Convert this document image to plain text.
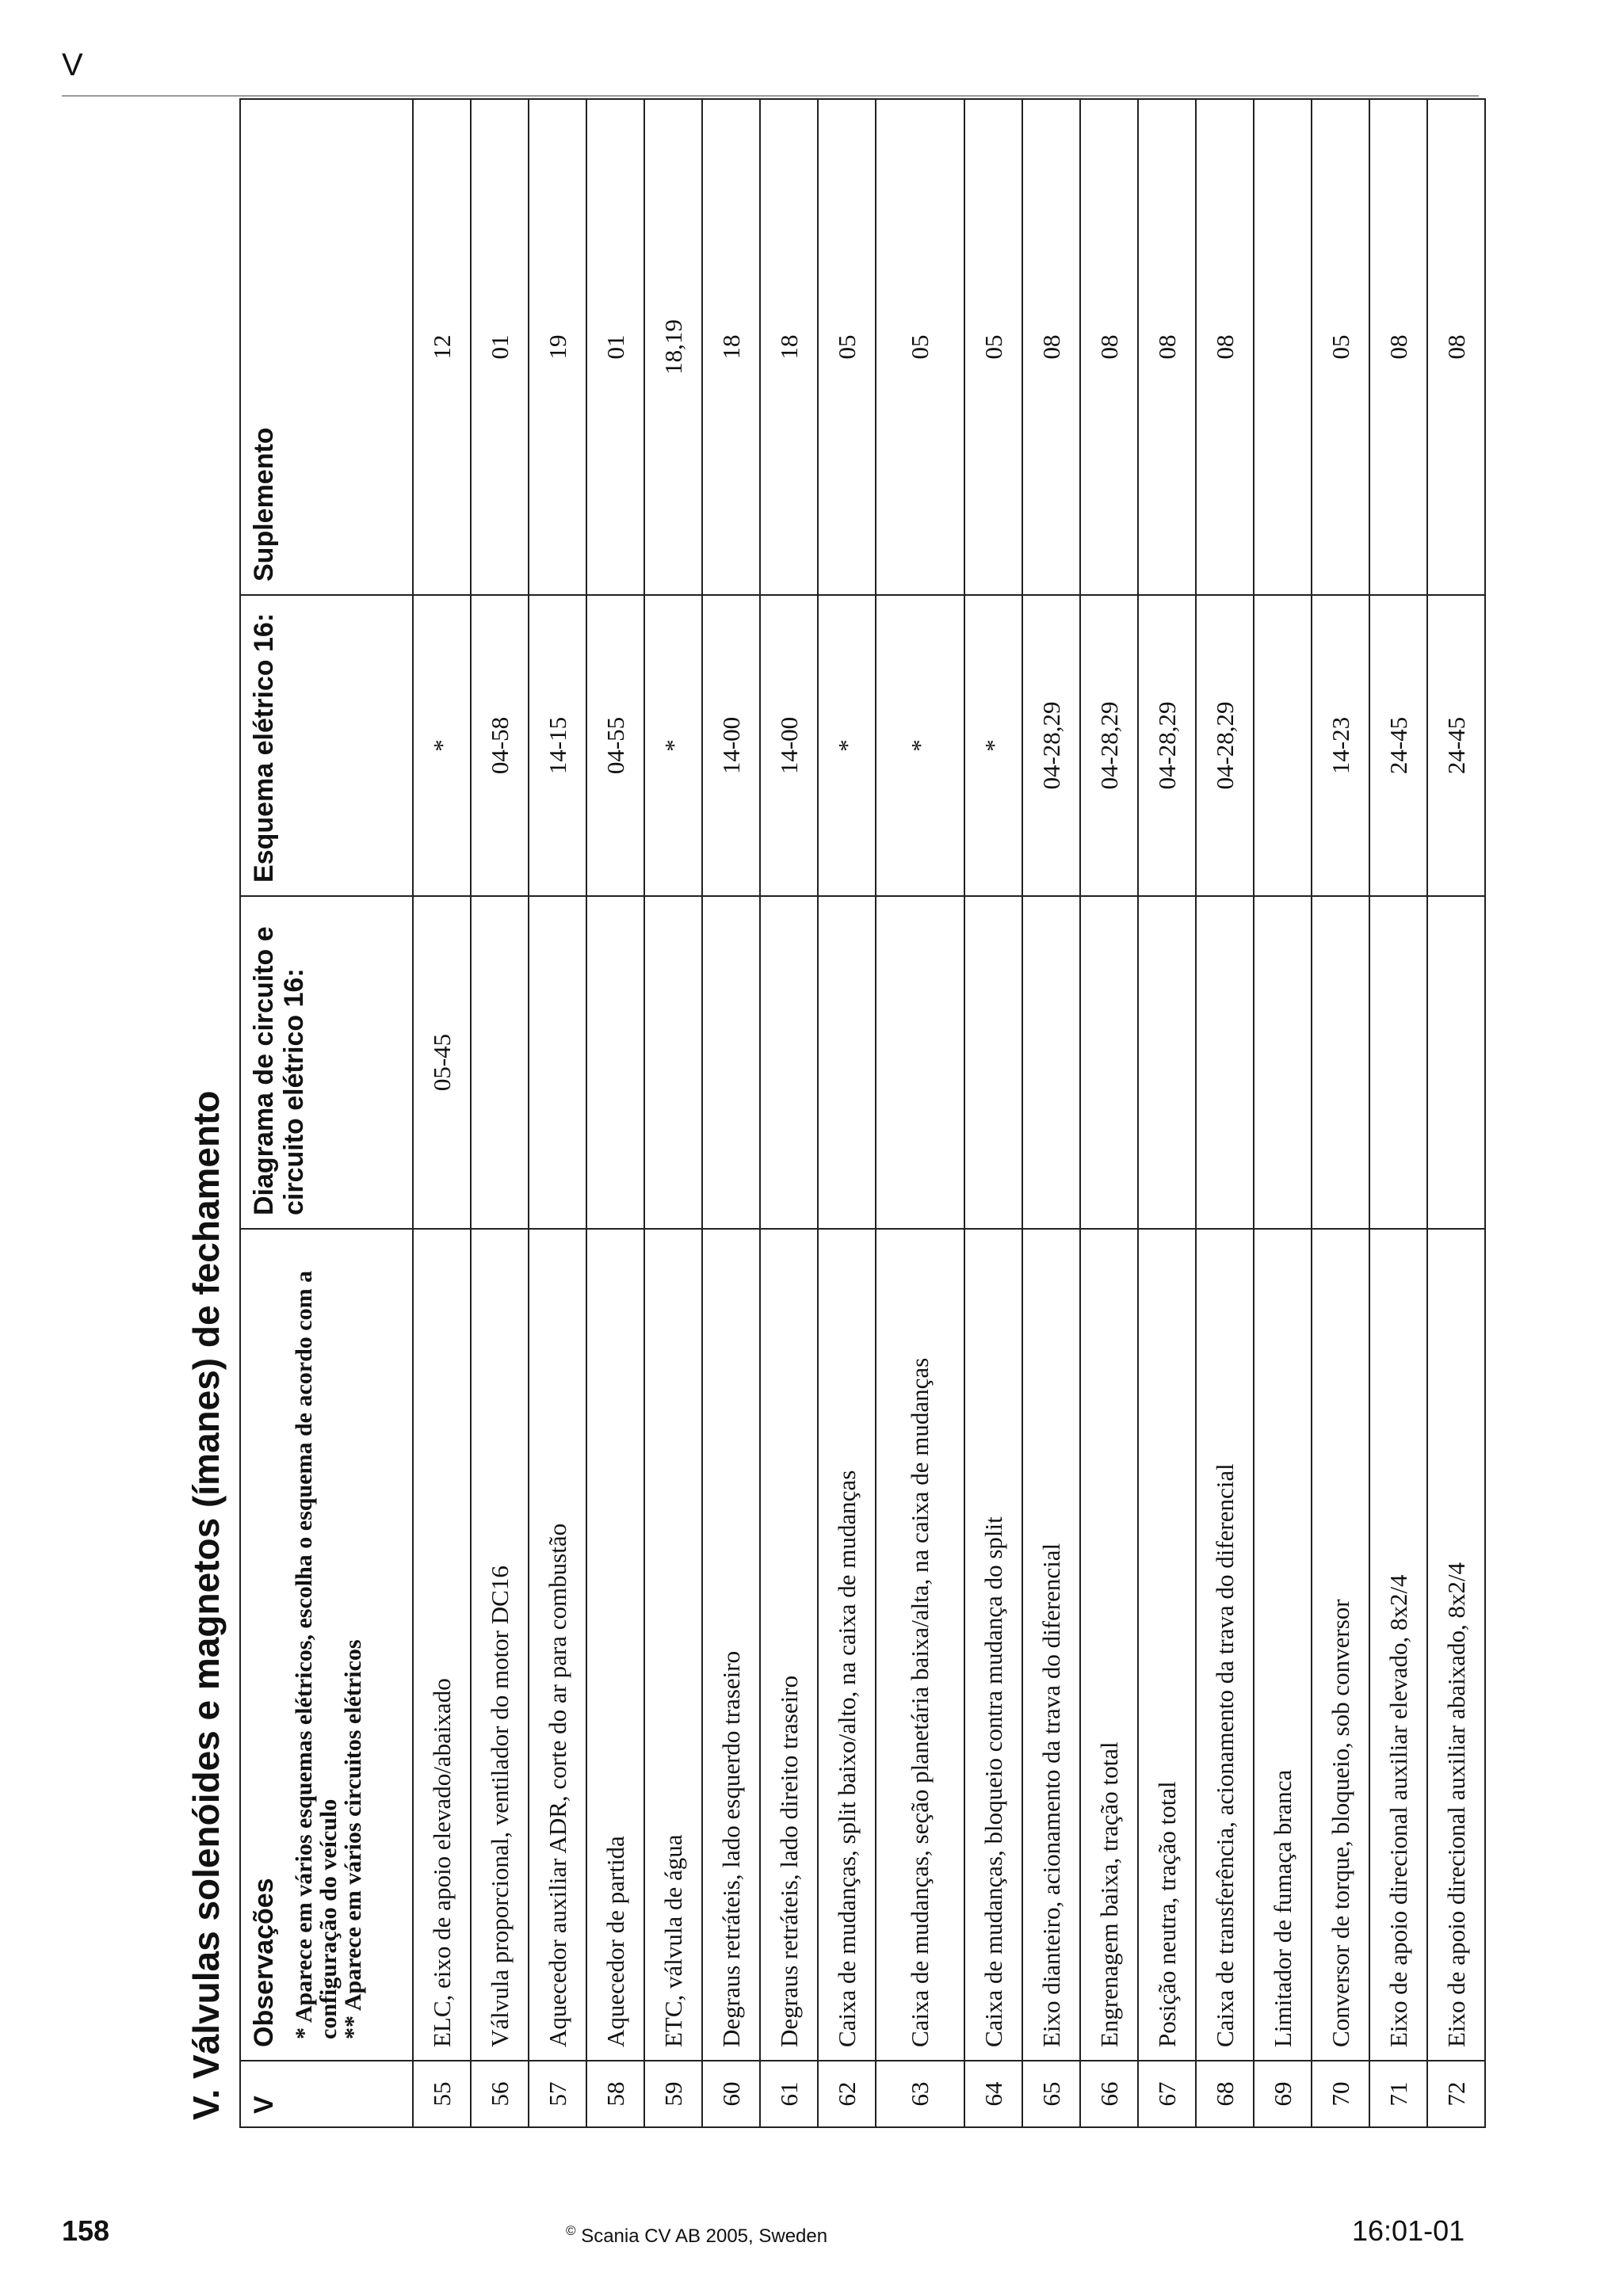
V
V. Válvulas solenóides e magnetos (ímanes) de fechamento V	Observações * Aparece em vários esquemas elétricos, escolha o esquema de acordo com a configuração do veículo
** Aparece em vários circuitos elétricos	Diagrama de circuito e circuito elétrico 16:	Esquema elétrico 16:	Suplemento
55	ELC, eixo de apoio elevado/abaixado	05-45	*	12
56	Válvula proporcional, ventilador do motor DC16		04-58	01
57	Aquecedor auxiliar ADR, corte do ar para combustão		14-15	19
58	Aquecedor de partida		04-55	01
59	ETC, válvula de água		*	18,19
60	Degraus retráteis, lado esquerdo traseiro		14-00	18
61	Degraus retráteis, lado direito traseiro		14-00	18
62	Caixa de mudanças, split baixo/alto, na caixa de mudanças		*	05
63	Caixa de mudanças, seção planetária baixa/alta, na caixa de mudanças		*	05
64	Caixa de mudanças, bloqueio contra mudança do split		*	05
65	Eixo dianteiro, acionamento da trava do diferencial		04-28,29	08
66	Engrenagem baixa, tração total		04-28,29	08
67	Posição neutra, tração total		04-28,29	08
68	Caixa de transferência, acionamento da trava do diferencial		04-28,29	08
69	Limitador de fumaça branca			
70	Conversor de torque, bloqueio, sob conversor		14-23	05
71	Eixo de apoio direcional auxiliar elevado, 8x2/4		24-45	08
72	Eixo de apoio direcional auxiliar abaixado, 8x2/4		24-45	08
158	© Scania CV AB 2005, Sweden	16:01-01
